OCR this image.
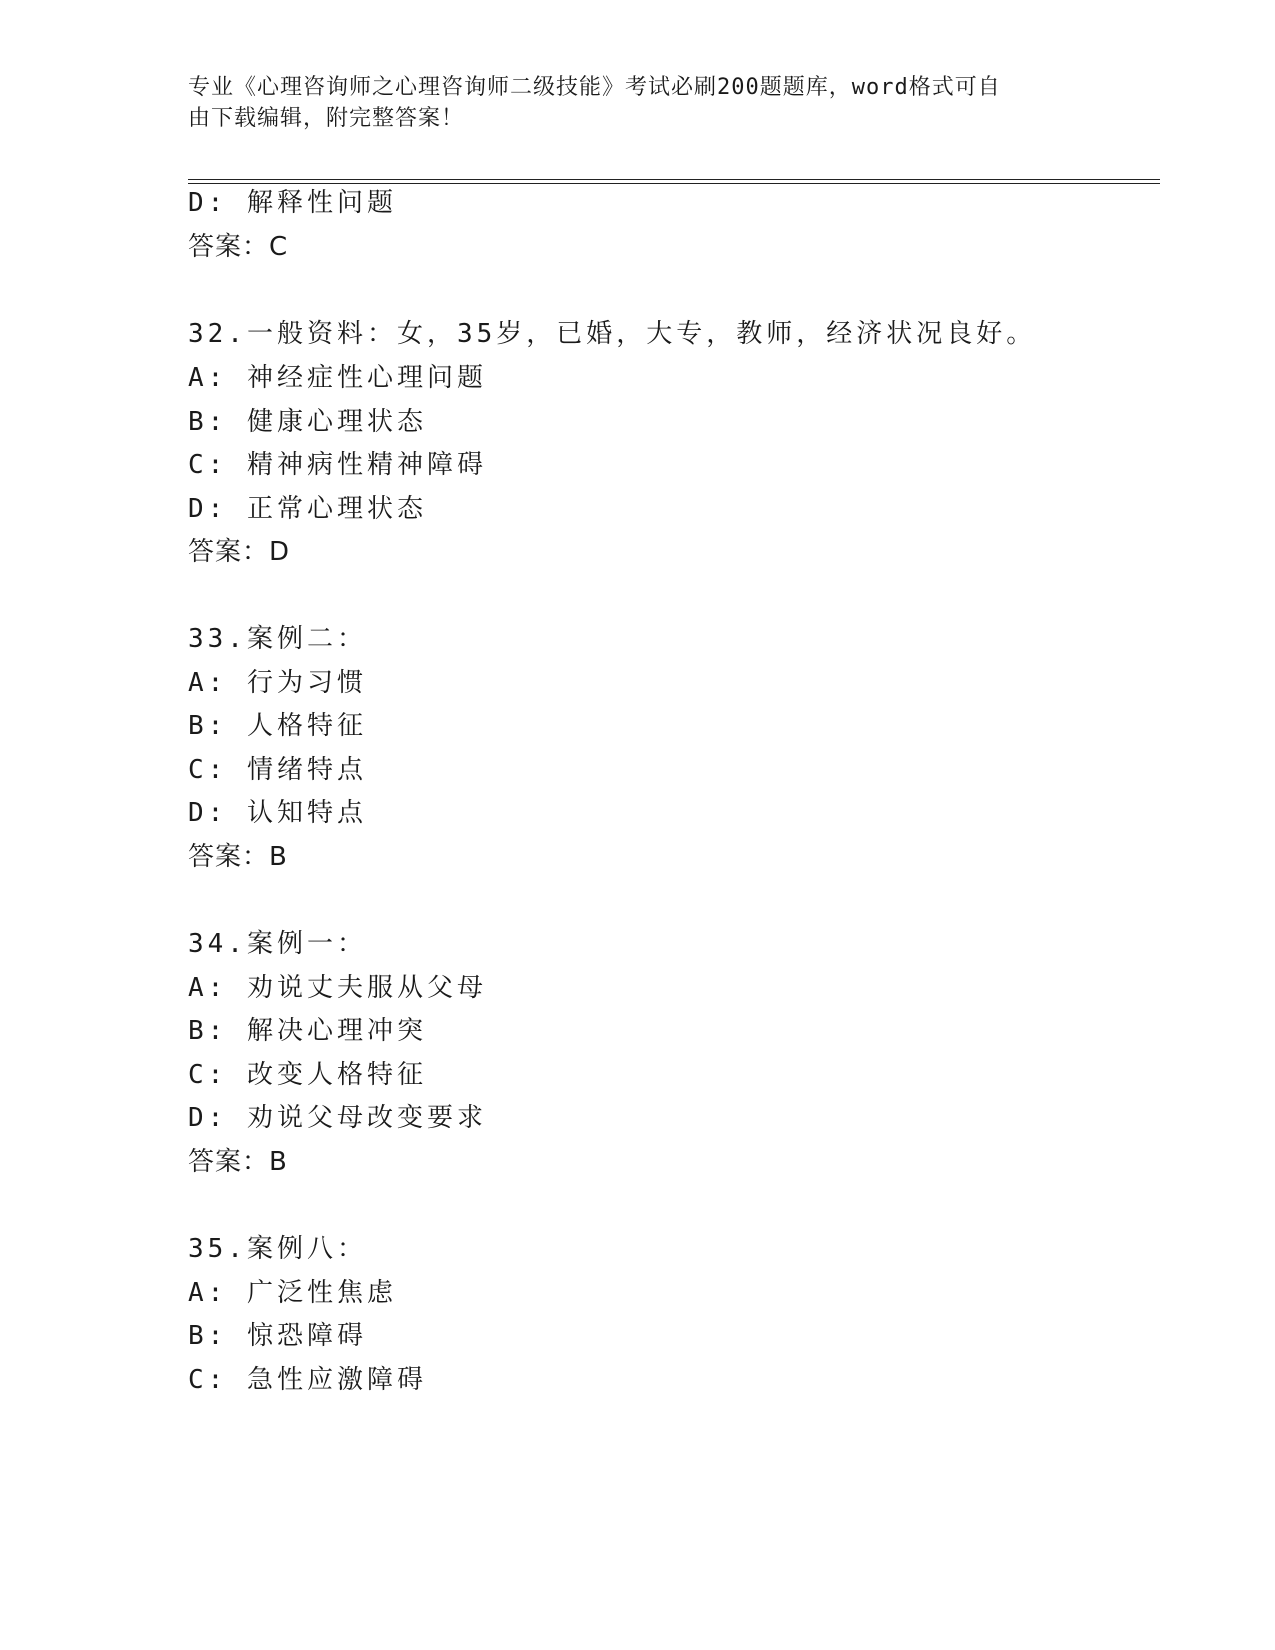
专业《心理咨询师之心理咨询师二级技能》考试必刷200题题库，word格式可自
由下载编辑，附完整答案！
D: 解释性问题
答案：C
32.一般资料：女，35岁，已婚，大专，教师，经济状况良好。
A: 神经症性心理问题
B: 健康心理状态
C: 精神病性精神障碍
D: 正常心理状态
答案：D
33.案例二：
A: 行为习惯
B: 人格特征
C: 情绪特点
D: 认知特点
答案：B
34.案例一：
A: 劝说丈夫服从父母
B: 解决心理冲突
C: 改变人格特征
D: 劝说父母改变要求
答案：B
35.案例八：
A: 广泛性焦虑
B: 惊恐障碍
C: 急性应激障碍
